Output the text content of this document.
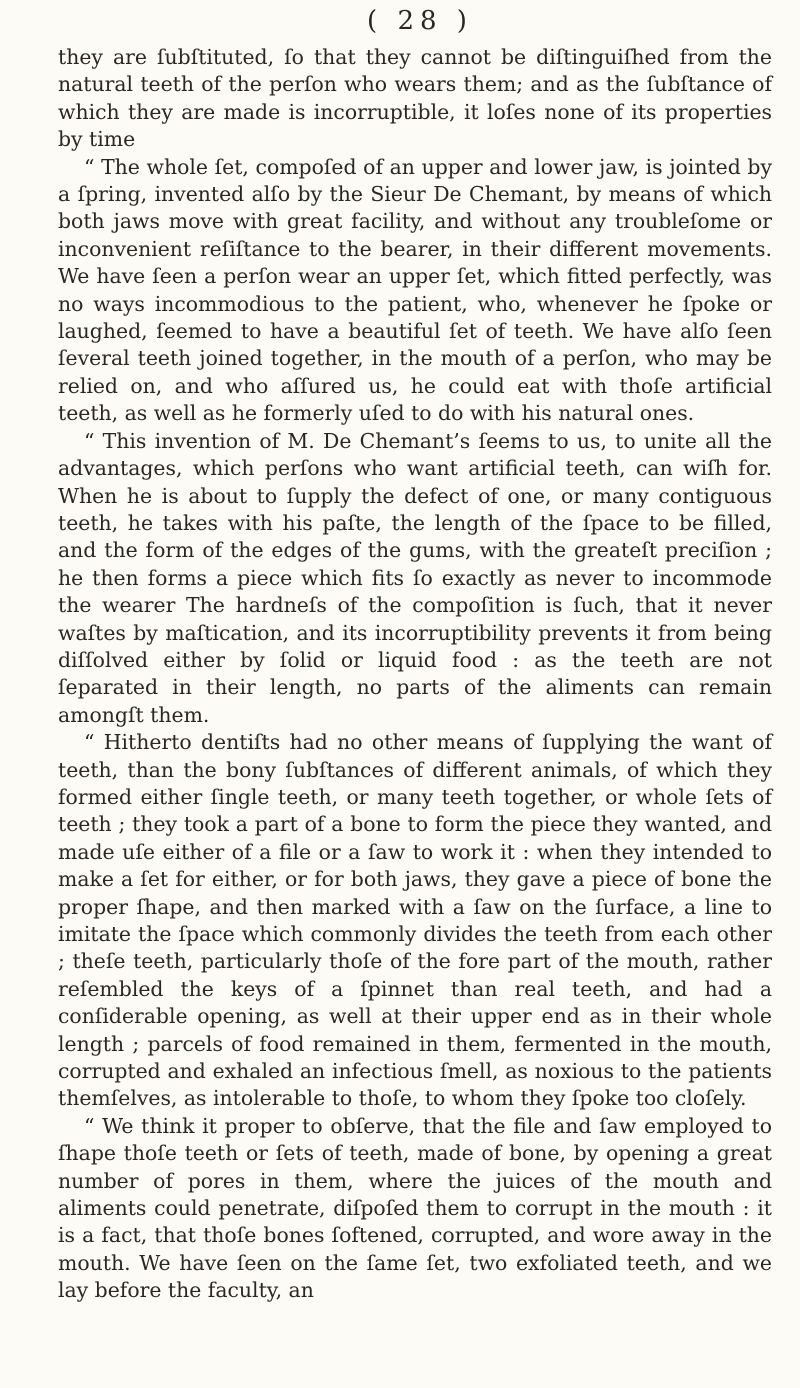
( 28 )

they are ſubſtituted, ſo that they cannot be diſtinguiſhed from the natural teeth of the perſon who wears them; and as the ſubſtance of which they are made is incorruptible, it loſes none of its properties by time

“ The whole ſet, compoſed of an upper and lower jaw, is jointed by a ſpring, invented alſo by the Sieur De Chemant, by means of which both jaws move with great facility, and without any troubleſome or inconvenient reſiſtance to the bearer, in their different movements. We have ſeen a perſon wear an upper ſet, which fitted perfectly, was no ways incommodious to the patient, who, whenever he ſpoke or laughed, ſeemed to have a beautiful ſet of teeth. We have alſo ſeen ſeveral teeth joined together, in the mouth of a perſon, who may be relied on, and who aſſured us, he could eat with thoſe artificial teeth, as well as he formerly uſed to do with his natural ones.

“ This invention of M. De Chemant’s ſeems to us, to unite all the advantages, which perſons who want artificial teeth, can wiſh for. When he is about to ſupply the defect of one, or many contiguous teeth, he takes with his paſte, the length of the ſpace to be filled, and the form of the edges of the gums, with the greateſt preciſion ; he then forms a piece which fits ſo exactly as never to incommode the wearer The hardneſs of the compoſition is ſuch, that it never waſtes by maſtication, and its incorruptibility prevents it from being diſſolved either by ſolid or liquid food : as the teeth are not ſeparated in their length, no parts of the aliments can remain amongſt them.

“ Hitherto dentiſts had no other means of ſupplying the want of teeth, than the bony ſubſtances of different animals, of which they formed either ſingle teeth, or many teeth together, or whole ſets of teeth ; they took a part of a bone to form the piece they wanted, and made uſe either of a file or a ſaw to work it : when they intended to make a ſet for either, or for both jaws, they gave a piece of bone the proper ſhape, and then marked with a ſaw on the ſurface, a line to imitate the ſpace which commonly divides the teeth from each other ; theſe teeth, particularly thoſe of the fore part of the mouth, rather reſembled the keys of a ſpinnet than real teeth, and had a conſiderable opening, as well at their upper end as in their whole length ; parcels of food remained in them, fermented in the mouth, corrupted and exhaled an infectious ſmell, as noxious to the patients themſelves, as intolerable to thoſe, to whom they ſpoke too cloſely.

“ We think it proper to obſerve, that the file and ſaw employed to ſhape thoſe teeth or ſets of teeth, made of bone, by opening a great number of pores in them, where the juices of the mouth and aliments could penetrate, diſpoſed them to corrupt in the mouth : it is a fact, that thoſe bones ſoftened, corrupted, and wore away in the mouth. We have ſeen on the ſame ſet, two exfoliated teeth, and we lay before the faculty, an
